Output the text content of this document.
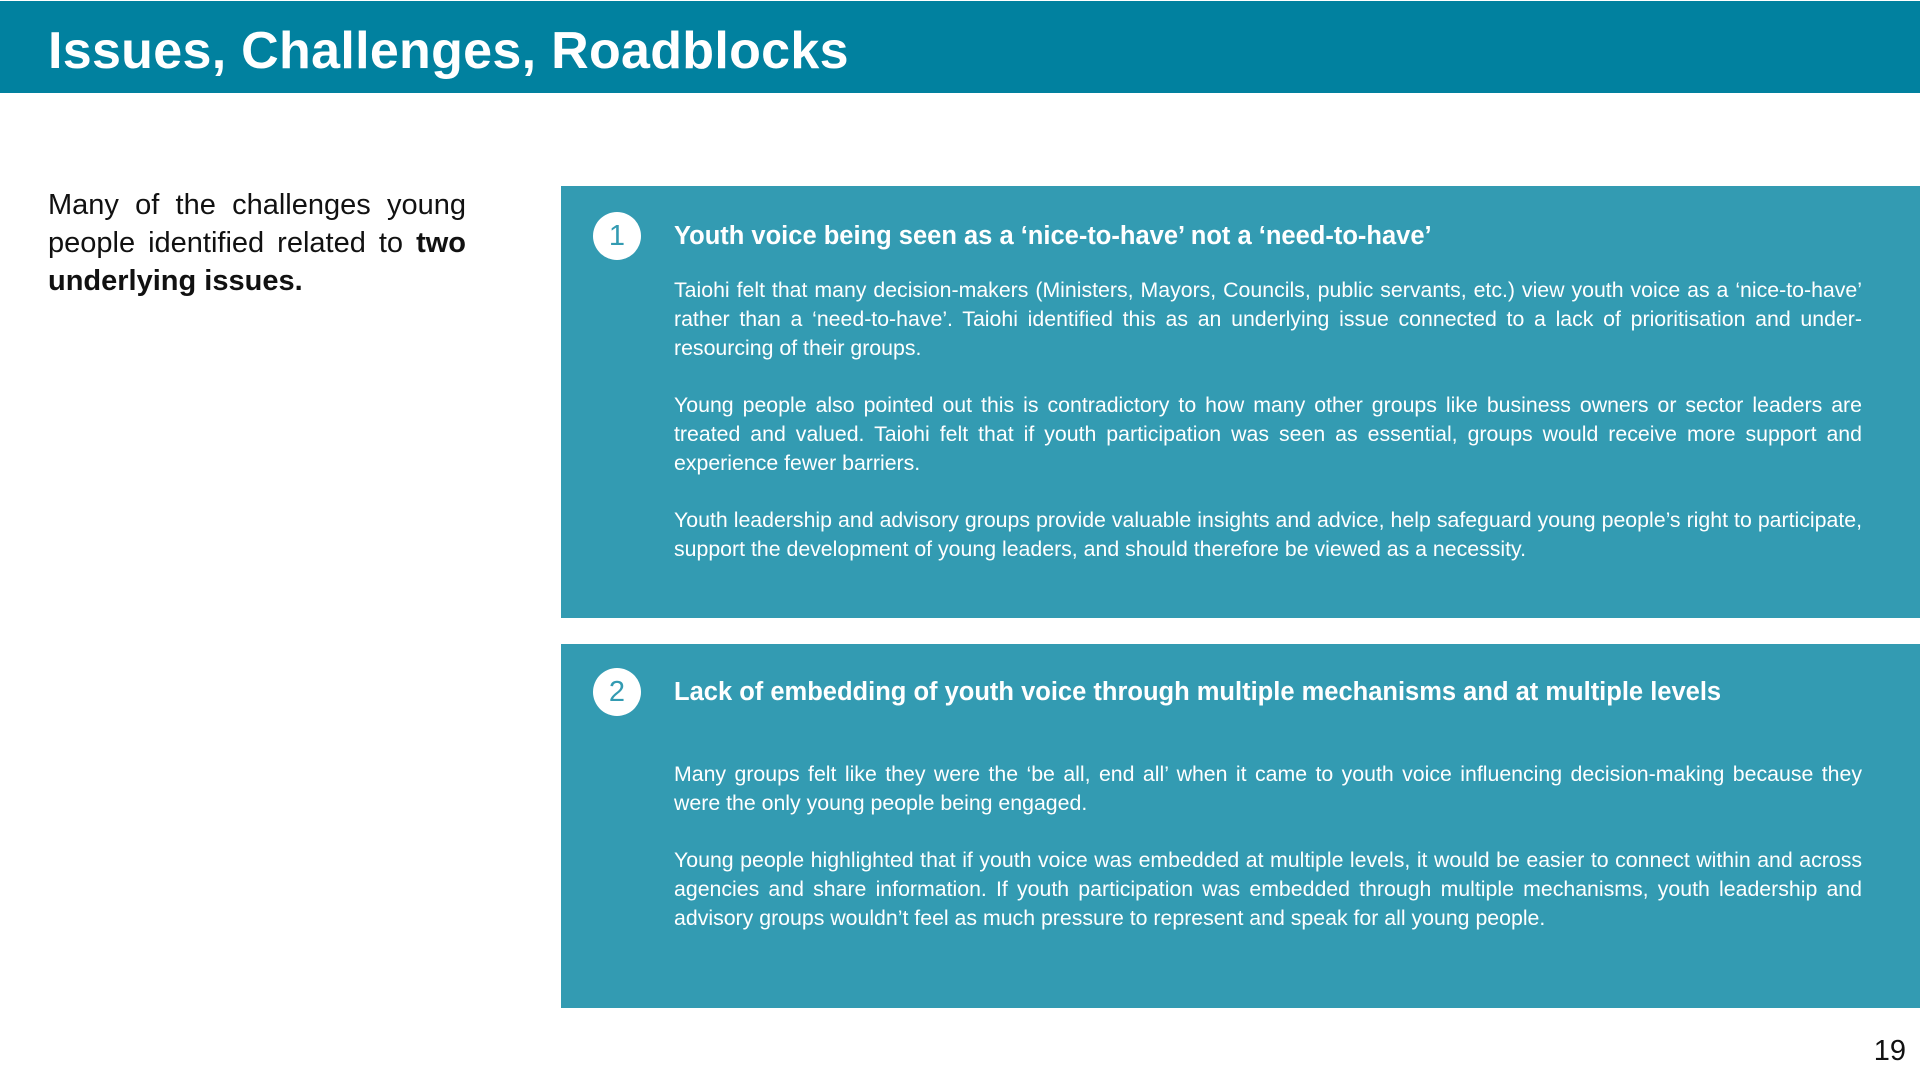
Issues, Challenges, Roadblocks

Many of the challenges young people identified related to two underlying issues.

1	Youth voice being seen as a ‘nice-to-have’ not a ‘need-to-have’

Taiohi felt that many decision-makers (Ministers, Mayors, Councils, public servants, etc.) view youth voice as a ‘nice-to-have’ rather than a ‘need-to-have’. Taiohi identified this as an underlying issue connected to a lack of prioritisation and under-resourcing of their groups.

Young people also pointed out this is contradictory to how many other groups like business owners or sector leaders are treated and valued. Taiohi felt that if youth participation was seen as essential, groups would receive more support and experience fewer barriers.

Youth leadership and advisory groups provide valuable insights and advice, help safeguard young people’s right to participate, support the development of young leaders, and should therefore be viewed as a necessity.

2	Lack of embedding of youth voice through multiple mechanisms and at multiple levels

Many groups felt like they were the ‘be all, end all’ when it came to youth voice influencing decision-making because they were the only young people being engaged.

Young people highlighted that if youth voice was embedded at multiple levels, it would be easier to connect within and across agencies and share information. If youth participation was embedded through multiple mechanisms, youth leadership and advisory groups wouldn’t feel as much pressure to represent and speak for all young people.

19
